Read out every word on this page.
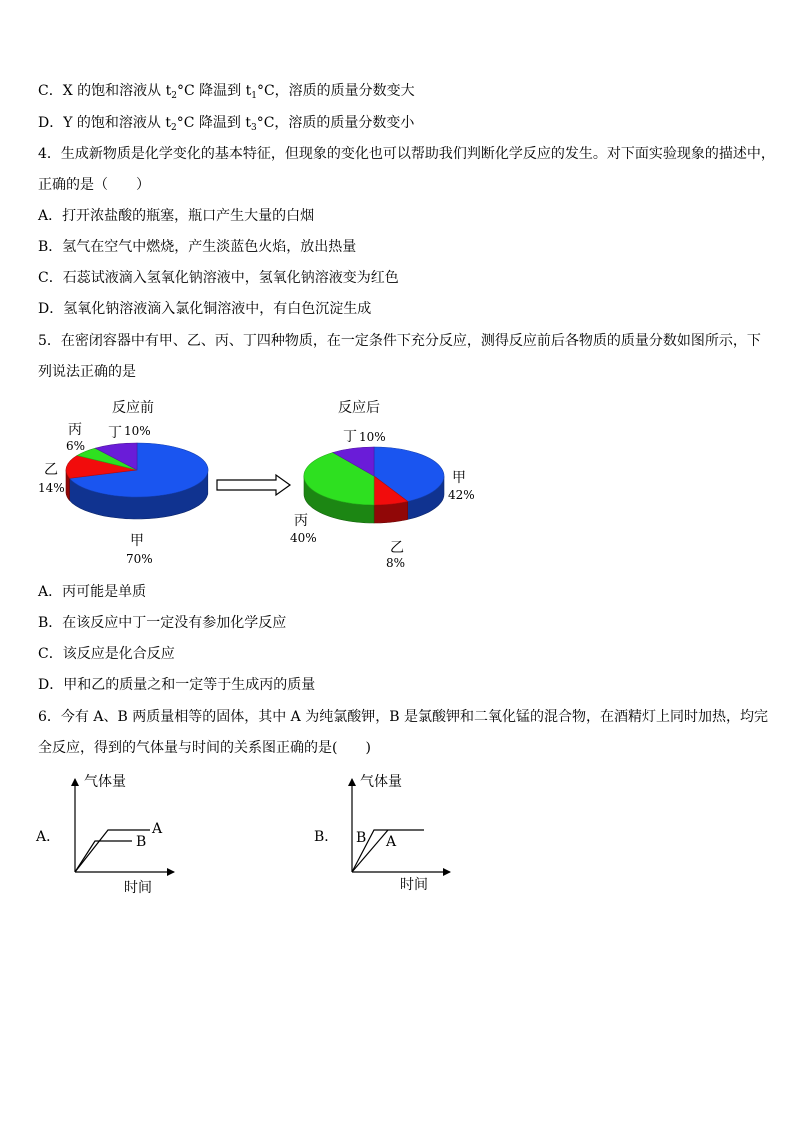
C．X 的饱和溶液从 $t_2^\circ C$ 降温到 $t_1^\circ C$，溶质的质量分数变大
D．Y 的饱和溶液从 $t_2^\circ C$ 降温到 $t_3^\circ C$，溶质的质量分数变小
4．生成新物质是化学变化的基本特征，但现象的变化也可以帮助我们判断化学反应的发生。对下面实验现象的描述中，
正确的是（　　）
A．打开浓盐酸的瓶塞，瓶口产生大量的白烟
B．氢气在空气中燃烧，产生淡蓝色火焰，放出热量
C．石蕊试液滴入氢氧化钠溶液中，氢氧化钠溶液变为红色
D．氢氧化钠溶液滴入氯化铜溶液中，有白色沉淀生成
5．在密闭容器中有甲、乙、丙、丁四种物质，在一定条件下充分反应，测得反应前后各物质的质量分数如图所示，下
列说法正确的是
反应前	反应后
丁 10%
丙
6%
乙
14%
甲
70%
丁 10%
甲
42%
丙
40%
乙
8%
A．丙可能是单质
B．在该反应中丁一定没有参加化学反应
C．该反应是化合反应
D．甲和乙的质量之和一定等于生成丙的质量
6．今有 A、B 两质量相等的固体，其中 A 为纯氯酸钾，B 是氯酸钾和二氧化锰的混合物，在酒精灯上同时加热，均完
全反应，得到的气体量与时间的关系图正确的是(　　)
A．
气体量
时间
A
B	B．
气体量
时间
B A
